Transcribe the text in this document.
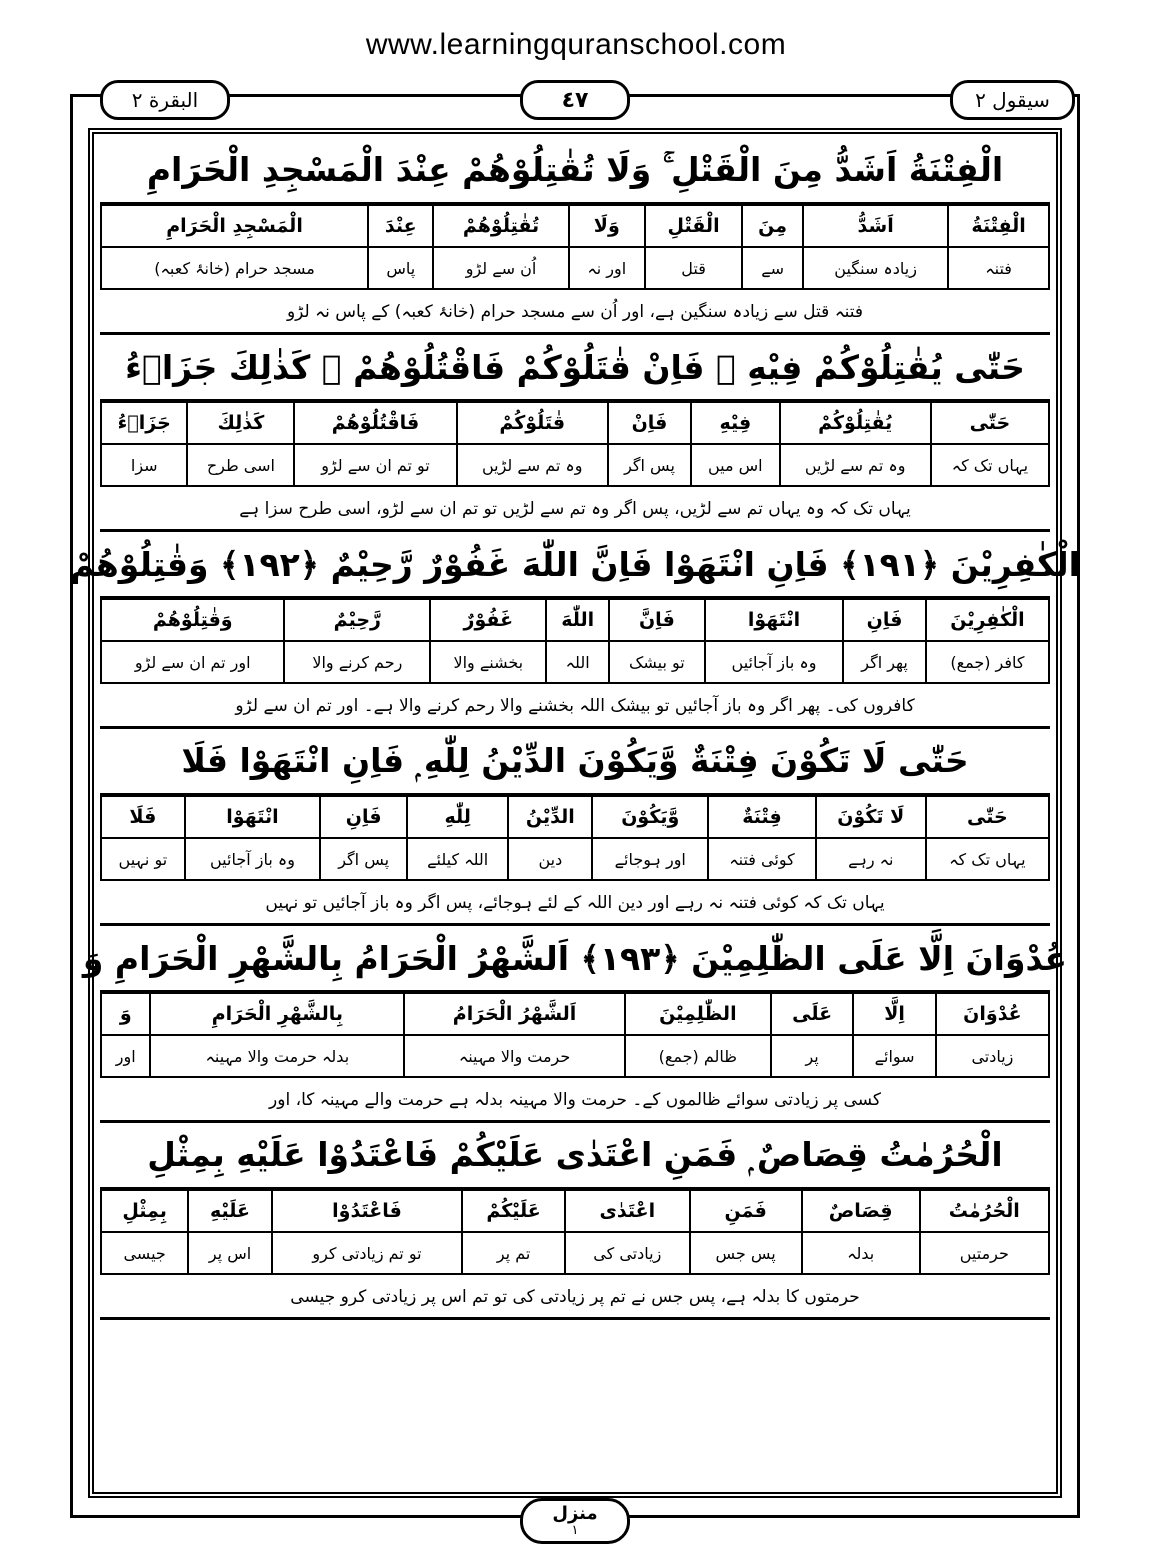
www.learningquranschool.com
البقرة ٢	٤٧	سيقول ٢
الْفِتْنَةُ اَشَدُّ مِنَ الْقَتْلِ ۚ وَلَا تُقٰتِلُوْهُمْ عِنْدَ الْمَسْجِدِ الْحَرَامِ
الْفِتْنَةُ	اَشَدُّ	مِنَ	الْقَتْلِ	وَلَا	تُقٰتِلُوْهُمْ	عِنْدَ	الْمَسْجِدِ الْحَرَامِ
فتنہ	زیادہ سنگین	سے	قتل	اور نہ	اُن سے لڑو	پاس	مسجد حرام (خانۂ کعبہ)
فتنہ قتل سے زیادہ سنگین ہے، اور اُن سے مسجد حرام (خانۂ کعبہ) کے پاس نہ لڑو
حَتّٰى يُقٰتِلُوْكُمْ فِيْهِ ۚ فَاِنْ قٰتَلُوْكُمْ فَاقْتُلُوْهُمْ ۭ كَذٰلِكَ جَزَاۗءُ
حَتّٰى	يُقٰتِلُوْكُمْ	فِيْهِ	فَاِنْ	قٰتَلُوْكُمْ	فَاقْتُلُوْهُمْ	كَذٰلِكَ	جَزَاۗءُ
یہاں تک کہ	وہ تم سے لڑیں	اس میں	پس اگر	وہ تم سے لڑیں	تو تم ان سے لڑو	اسی طرح	سزا
یہاں تک کہ وہ یہاں تم سے لڑیں، پس اگر وہ تم سے لڑیں تو تم ان سے لڑو، اسی طرح سزا ہے
الْكٰفِرِيْنَ ﴿١٩١﴾ فَاِنِ انْتَهَوْا فَاِنَّ اللّٰهَ غَفُوْرٌ رَّحِيْمٌ ﴿١٩٢﴾ وَقٰتِلُوْهُمْ
الْكٰفِرِيْنَ	فَاِنِ	انْتَهَوْا	فَاِنَّ	اللّٰهَ	غَفُوْرٌ	رَّحِيْمٌ	وَقٰتِلُوْهُمْ
کافر (جمع)	پھر اگر	وہ باز آجائیں	تو بیشک	اللہ	بخشنے والا	رحم کرنے والا	اور تم ان سے لڑو
کافروں کی۔ پھر اگر وہ باز آجائیں تو بیشک اللہ بخشنے والا رحم کرنے والا ہے۔ اور تم ان سے لڑو
حَتّٰى لَا تَكُوْنَ فِتْنَةٌ وَّيَكُوْنَ الدِّيْنُ لِلّٰهِ ۭ فَاِنِ انْتَهَوْا فَلَا
حَتّٰى	لَا تَكُوْنَ	فِتْنَةٌ	وَّيَكُوْنَ	الدِّيْنُ	لِلّٰهِ	فَاِنِ	انْتَهَوْا	فَلَا
یہاں تک کہ	نہ رہے	کوئی فتنہ	اور ہوجائے	دین	اللہ کیلئے	پس اگر	وہ باز آجائیں	تو نہیں
یہاں تک کہ کوئی فتنہ نہ رہے اور دین اللہ کے لئے ہوجائے، پس اگر وہ باز آجائیں تو نہیں
عُدْوَانَ اِلَّا عَلَى الظّٰلِمِيْنَ ﴿١٩٣﴾ اَلشَّهْرُ الْحَرَامُ بِالشَّهْرِ الْحَرَامِ وَ
عُدْوَانَ	اِلَّا	عَلَى	الظّٰلِمِيْنَ	اَلشَّهْرُ الْحَرَامُ	بِالشَّهْرِ الْحَرَامِ	وَ
زیادتی	سوائے	پر	ظالم (جمع)	حرمت والا مہینہ	بدلہ حرمت والا مہینہ	اور
کسی پر زیادتی سوائے ظالموں کے۔ حرمت والا مہینہ بدلہ ہے حرمت والے مہینہ کا، اور
الْحُرُمٰتُ قِصَاصٌ ۭ فَمَنِ اعْتَدٰى عَلَيْكُمْ فَاعْتَدُوْا عَلَيْهِ بِمِثْلِ
الْحُرُمٰتُ	قِصَاصٌ	فَمَنِ	اعْتَدٰى	عَلَيْكُمْ	فَاعْتَدُوْا	عَلَيْهِ	بِمِثْلِ
حرمتیں	بدلہ	پس جس	زیادتی کی	تم پر	تو تم زیادتی کرو	اس پر	جیسی
حرمتوں کا بدلہ ہے، پس جس نے تم پر زیادتی کی تو تم اس پر زیادتی کرو جیسی
منزل
١
